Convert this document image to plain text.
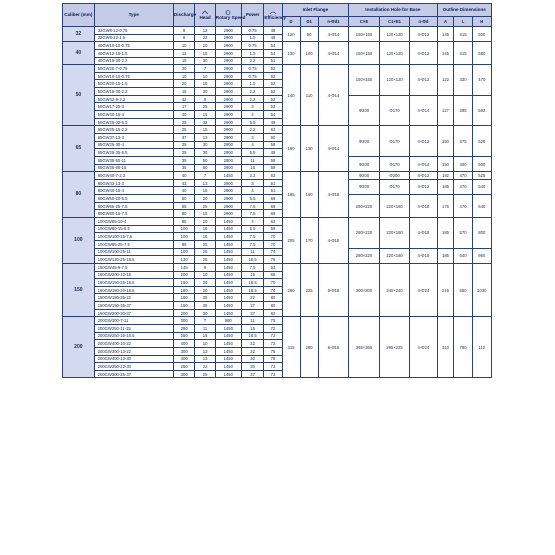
Caliber (mm)	Type	Discharge	Head	Rotary Speed	Power	Efficiency	Inlet Flange			Installation Hole for Base			Outline Dimensions		
							D	D1	n-Φd1	C×E	C1×E1	n-Φd	A	L	H
32	32GW8-12-0.75	8	12	2900	0.75	48	120	90	4-Φ14	150×150	120×120	4-Φ12	145	315	500
	32GW8-22-1.5	8	22	2900	1.5	48									
40	40GW10-10-0.75	10	10	2900	0.75	54	130	100	4-Φ14	150×150	120×120	4-Φ12	145	315	580
	40GW12-15-1.5	12	15	2900	1.5	54									
	40GW15-30-2.2	15	30	2900	2.2	51									
50	50GW20-7-0.75	20	7	2900	0.75	62	140	110	4-Φ14	150×150	120×120	4-Φ12	122	330	470
	50GW10-10-0.75	10	10	2900	0.75	62									
	50GW20-15-1.5	20	15	2900	1.5	62									
	50GW15-30-2.2	15	30	2900	2.2	52									
	50GW42-9-2.2	42	9	2900	2.2	52				Φ200	Φ170	4-Φ14	127	395	593
	50GW17-25-3	17	25	2900	3	53									
	50GW40-15-4	40	15	2900	4	54									
	50GW25-32-5.5	25	32	2900	5.5	49									
65	65GW25-15-2.2	25	15	2900	2.2	63	160	130	4-Φ14	Φ200	Φ170	4-Φ12	150	375	525
	65GW37-13-3	37	13	2900	3	60									
	65GW25-30-4	25	30	2900	4	58									
	65GW25-35-5.5	25	35	2900	5.5	49									
	65GW35-50-11	35	50	2900	11	59				Φ200	Φ170	4-Φ14	150	400	900
	65GW35-60-15	35	60	2900	15	59									
80	80GW40-7-2.2	40	7	1450	2.2	63	185	150	4-Φ18	Φ200	Φ200	4-Φ12	192	470	525
	80GW43-13-3	43	13	2900	3	61				Φ200	Φ170	4-Φ12	185	470	540
	80GW40-15-4	40	15	2900	4	61									
	80GW50-20-5.5	50	20	2900	5.5	69				280×220	220×160	4-Φ18	175	470	640
	80GW65-25-7.5	65	25	2900	7.5	69									
	80GW80-15-7.5	80	15	2900	7.5	69									
100	100GW85-10-4	85	10	1450	4	62	205	170	4-Φ18	280×220	220×160	4-Φ18	185	570	800
	100GW80-15-5.5	100	15	1450	5.5	59									
	100GW100-15-7.5	100	15	1450	7.5	70									
	100GW85-25-7.5	85	25	1450	7.5	70									
	100GW100-25-11	100	25	1450	11	74				280×220	220×160	4-Φ18	185	640	960
	100GW130-25-18.5	130	25	1450	18.5	76									
150	150GW45-9-7.5	145	9	1450	7.5	63	260	225	8-Φ18	300×300	240×240	4-Φ24	215	660	1030
	150GW200-10-15	200	10	1450	15	66									
	150GW150-26-18.5	150	26	1450	18.5	70									
	150GW180-20-18.5	180	20	1450	18.5	74									
	150GW180-35-22	180	35	1450	22	80									
	150GW150-35-37	150	35	1450	37	80									
	150GW200-30-37	200	30	1450	37	82									
200	200GW300-7-11	300	7	980	11	75	315	280	8-Φ18	365×365	295×225	4-Φ24	310	780	110
	200GW250-11-15	250	11	1450	15	72									
	200GW250-15-18.5	250	15	1450	18.5	72									
	200GW400-10-22	400	10	1450	22	72									
	200GW300-13-22	300	13	1450	22	75									
	200GW400-13-30	400	13	1450	30	78									
	200GW250-22-30	250	22	1450	30	73									
	200GW300-25-37	300	25	1450	37	73									
